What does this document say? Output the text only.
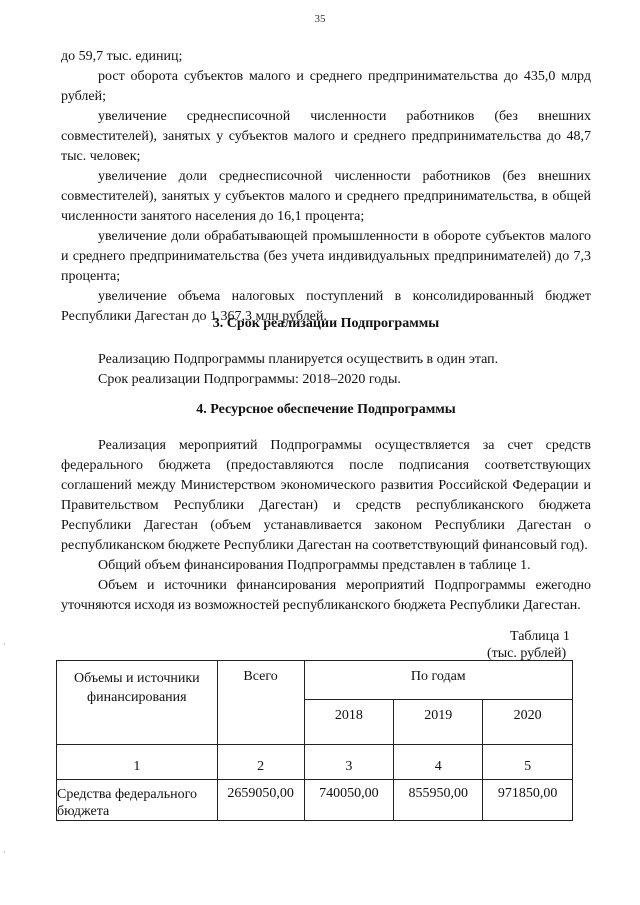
35

до 59,7 тыс. единиц;

рост оборота субъектов малого и среднего предпринимательства до 435,0 млрд рублей;

увеличение среднесписочной численности работников (без внешних совместителей), занятых у субъектов малого и среднего предпринимательства до 48,7 тыс. человек;

увеличение доли среднесписочной численности работников (без внешних совместителей), занятых у субъектов малого и среднего предпринимательства, в общей численности занятого населения до 16,1 процента;

увеличение доли обрабатывающей промышленности в обороте субъектов малого и среднего предпринимательства (без учета индивидуальных предпринимателей) до 7,3 процента;

увеличение объема налоговых поступлений в консолидированный бюджет Республики Дагестан до 1 367,3 млн рублей.

3. Срок реализации Подпрограммы

Реализацию Подпрограммы планируется осуществить в один этап.

Срок реализации Подпрограммы: 2018–2020 годы.

4. Ресурсное обеспечение Подпрограммы

Реализация мероприятий Подпрограммы осуществляется за счет средств федерального бюджета (предоставляются после подписания соответствующих соглашений между Министерством экономического развития Российской Федерации и Правительством Республики Дагестан) и средств республиканского бюджета Республики Дагестан (объем устанавливается законом Республики Дагестан о республиканском бюджете Республики Дагестан на соответствующий финансовый год).

Общий объем финансирования Подпрограммы представлен в таблице 1.

Объем и источники финансирования мероприятий Подпрограммы ежегодно уточняются исходя из возможностей республиканского бюджета Республики Дагестан.

Таблица 1
(тыс. рублей)
Объемы и источники финансирования	Всего	По годам		
		2018	2019	2020
1	2	3	4	5
Средства федерального бюджета	2659050,00	740050,00	855950,00	971850,00
·
·
